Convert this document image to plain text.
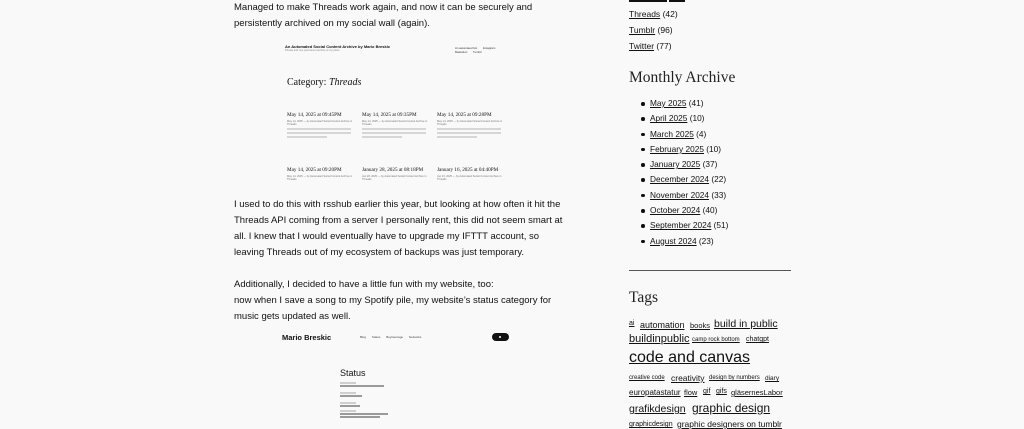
Managed to make Threads work again, and now it can be securely and persistently archived on my social wall (again).

An Automated Social Content Archive by Mario Breskic
Private and non-permanent archive of my posts
An automated bot Instagram Mastodon Tumblr
Category: Threads
May 14, 2025 at 09:45PM
May 14, 2025 — by Automated Social Content Archive in Threads
May 14, 2025 at 09:35PM
May 14, 2025 — by Automated Social Content Archive in Threads
May 14, 2025 at 09:28PM
May 14, 2025 — by Automated Social Content Archive in Threads
May 14, 2025 at 09:20PM
May 14, 2025 — by Automated Social Content Archive in Threads
January 28, 2025 at 08:18PM
Jan 28, 2025 — by Automated Social Content Archive in Threads
January 16, 2025 at 04:40PM
Jan 16, 2025 — by Automated Social Content Archive in Threads

I used to do this with rsshub earlier this year, but looking at how often it hit the Threads API coming from a server I personally rent, this did not seem smart at all. I knew that I would eventually have to upgrade my IFTTT account, so leaving Threads out of my ecosystem of backups was just temporary.

Additionally, I decided to have a little fun with my website, too:
now when I save a song to my Spotify pile, my website’s status category for music gets updated as well.
Mario Breskic	Blog Status Buy/average Networks
Status

Threads (42)
Tumblr (96)
Twitter (77)
Monthly Archive
May 2025 (41)
April 2025 (10)
March 2025 (4)
February 2025 (10)
January 2025 (37)
December 2024 (22)
November 2024 (33)
October 2024 (40)
September 2024 (51)
August 2024 (23)
Tags
ai automation books build in public
buildinpublic camp rock bottom chatgpt
code and canvas
creative code creativity design by numbers diary
europatastatur flow gif gifs gläsernesLabor
grafikdesign graphic design
graphicdesign graphic designers on tumblr
